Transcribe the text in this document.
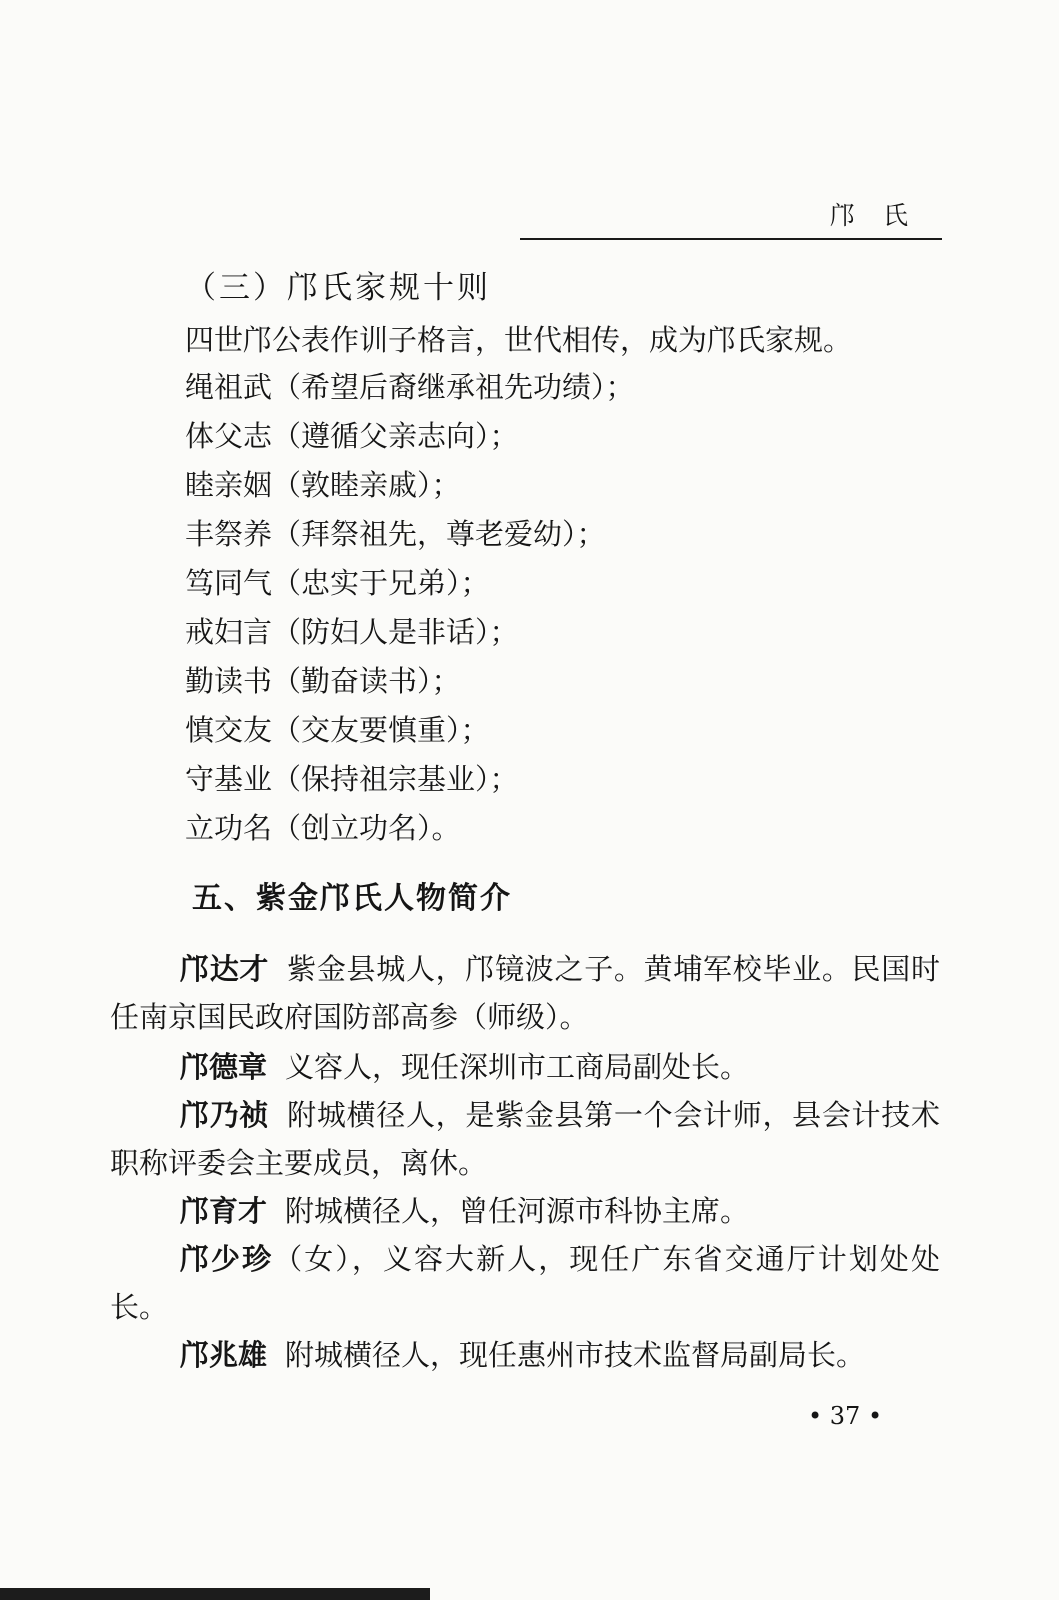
邝氏
（三）邝氏家规十则
四世邝公表作训子格言，世代相传，成为邝氏家规。
绳祖武（希望后裔继承祖先功绩）；
体父志（遵循父亲志向）；
睦亲姻（敦睦亲戚）；
丰祭养（拜祭祖先，尊老爱幼）；
笃同气（忠实于兄弟）；
戒妇言（防妇人是非话）；
勤读书（勤奋读书）；
慎交友（交友要慎重）；
守基业（保持祖宗基业）；
立功名（创立功名）。
五、紫金邝氏人物简介
邝达才 紫金县城人，邝镜波之子。黄埔军校毕业。民国时任南京国民政府国防部高参（师级）。
邝德章 义容人，现任深圳市工商局副处长。
邝乃祯 附城横径人，是紫金县第一个会计师，县会计技术职称评委会主要成员，离休。
邝育才 附城横径人，曾任河源市科协主席。
邝少珍（女），义容大新人，现任广东省交通厅计划处处长。
邝兆雄 附城横径人，现任惠州市技术监督局副局长。
• 37 •
